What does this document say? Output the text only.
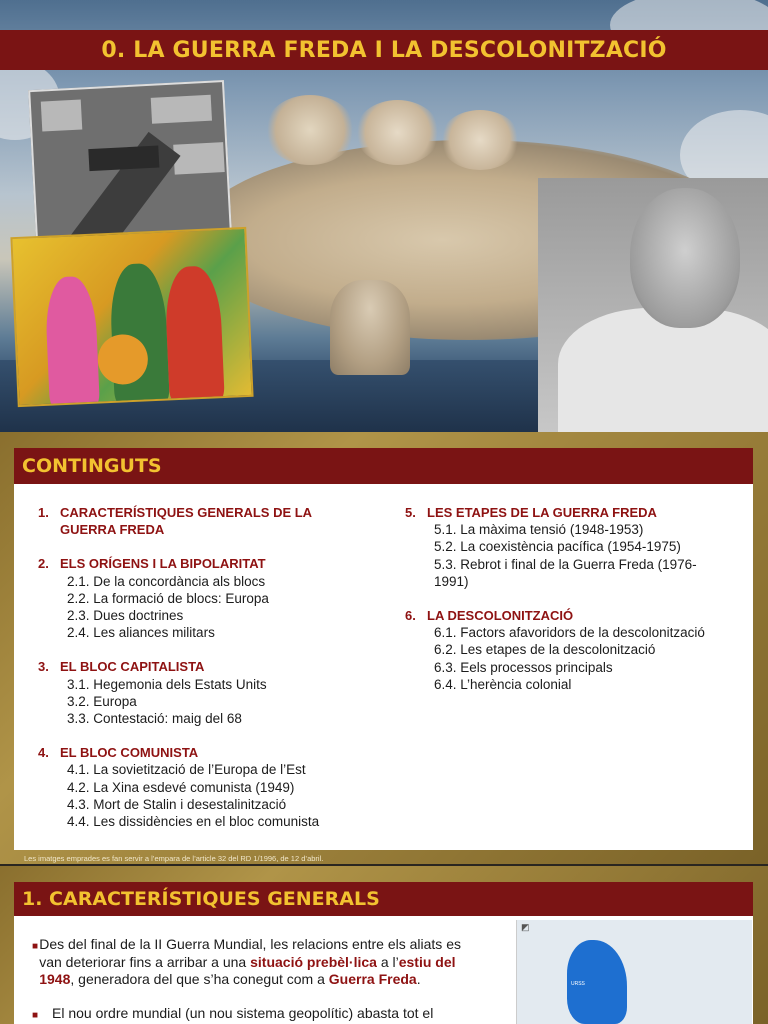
0. LA GUERRA FREDA I LA DESCOLONITZACIÓ
CONTINGUTS
1. CARACTERÍSTIQUES GENERALS DE LA GUERRA FREDA
2. ELS ORÍGENS I LA BIPOLARITAT
2.1. De la concordància als blocs
2.2. La formació de blocs: Europa
2.3. Dues doctrines
2.4. Les aliances militars
3. EL BLOC CAPITALISTA
3.1. Hegemonia dels Estats Units
3.2. Europa
3.3. Contestació: maig del 68
4. EL BLOC COMUNISTA
4.1. La sovietització de l’Europa de l’Est
4.2. La Xina esdevé comunista (1949)
4.3. Mort de Stalin i desestalinització
4.4. Les dissidències en el bloc comunista
5. LES ETAPES DE LA GUERRA FREDA
5.1. La màxima tensió (1948-1953)
5.2. La coexistència pacífica (1954-1975)
5.3. Rebrot i final de la Guerra Freda (1976-1991)
6. LA DESCOLONITZACIÓ
6.1. Factors afavoridors de la descolonització
6.2. Les etapes de la descolonització
6.3. Eels processos principals
6.4. L’herència colonial
Les imatges emprades es fan servir a l’empara de l’article 32 del RD 1/1996, de 12 d’abril.
1. CARACTERÍSTIQUES GENERALS
■ Des del final de la II Guerra Mundial, les relacions entre els aliats es van deteriorar fins a arribar a una situació prebèl·lica a l’estiu del 1948, generadora del que s’ha conegut com a Guerra Freda.
■ El nou ordre mundial (un nou sistema geopolític) abasta tot el
◩
URSS
